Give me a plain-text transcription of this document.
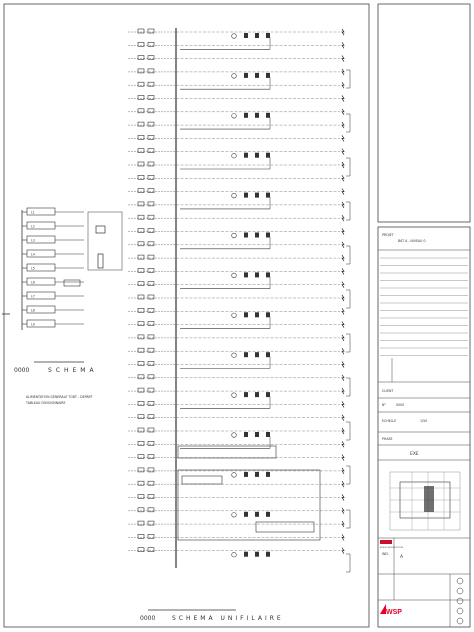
L1
L2
L3
L4
L5
L6
L7
L8
L9
0000	SCHEMA
ALIMENTATION GENERALE TGBT - DEPART
TABLEAU DIVISIONNAIRE
0000	SCHEMA UNIFILAIRE
PROJET
BAT A - NIVEAU 0
CLIENT
N°	0000
ECHELLE	1/50
PHASE
EXE
IND.
A
BON POUR EXECUTION
WSP
